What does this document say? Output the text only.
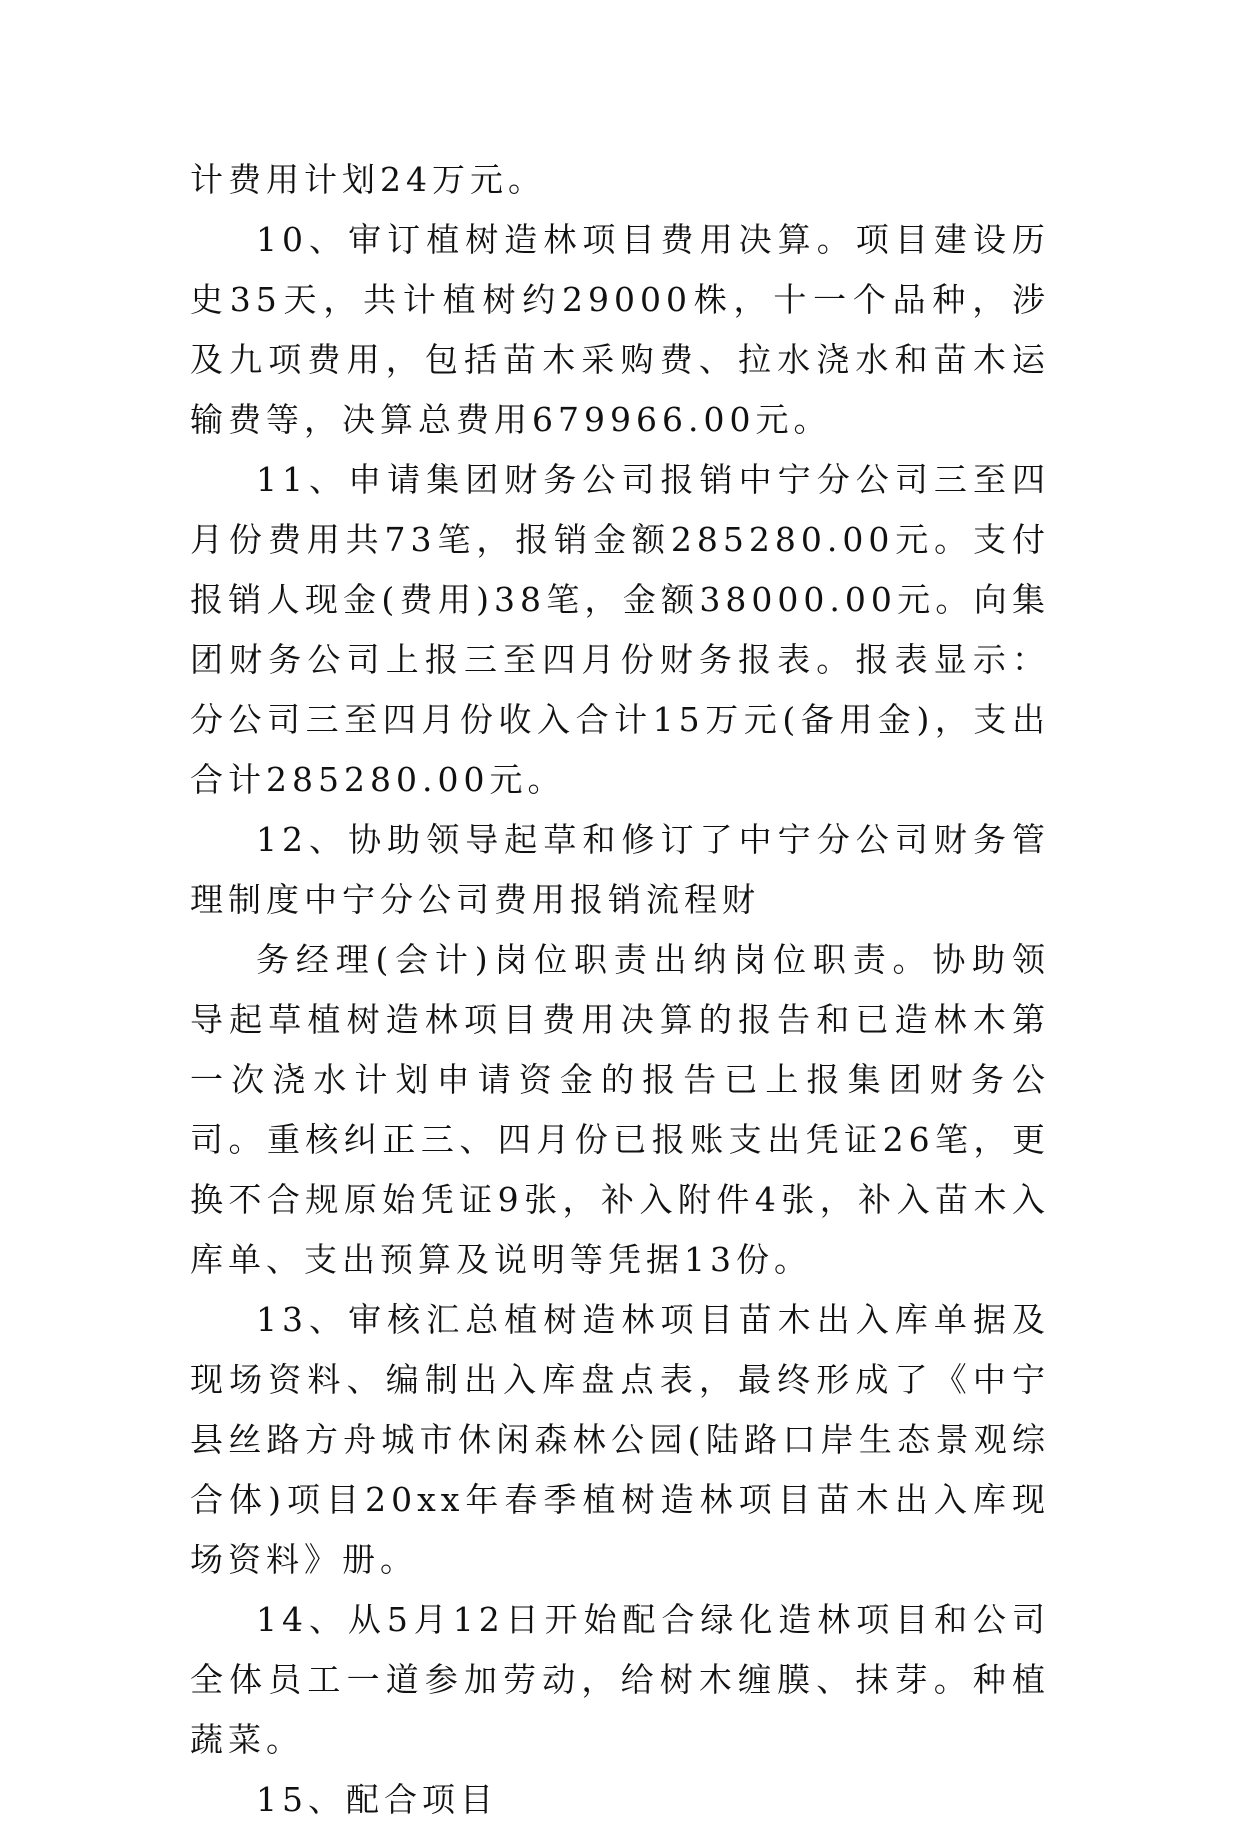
计费用计划24万元。

10、审订植树造林项目费用决算。项目建设历史35天，共计植树约29000株，十一个品种，涉及九项费用，包括苗木采购费、拉水浇水和苗木运输费等，决算总费用679966.00元。

11、申请集团财务公司报销中宁分公司三至四月份费用共73笔，报销金额285280.00元。支付报销人现金(费用)38笔，金额38000.00元。向集团财务公司上报三至四月份财务报表。报表显示：分公司三至四月份收入合计15万元(备用金)，支出合计285280.00元。

12、协助领导起草和修订了中宁分公司财务管理制度中宁分公司费用报销流程财

务经理(会计)岗位职责出纳岗位职责。协助领导起草植树造林项目费用决算的报告和已造林木第一次浇水计划申请资金的报告已上报集团财务公司。重核纠正三、四月份已报账支出凭证26笔，更换不合规原始凭证9张，补入附件4张，补入苗木入库单、支出预算及说明等凭据13份。

13、审核汇总植树造林项目苗木出入库单据及现场资料、编制出入库盘点表，最终形成了《中宁县丝路方舟城市休闲森林公园(陆路口岸生态景观综合体)项目20xx年春季植树造林项目苗木出入库现场资料》册。

14、从5月12日开始配合绿化造林项目和公司全体员工一道参加劳动，给树木缠膜、抹芽。种植蔬菜。

15、配合项目
